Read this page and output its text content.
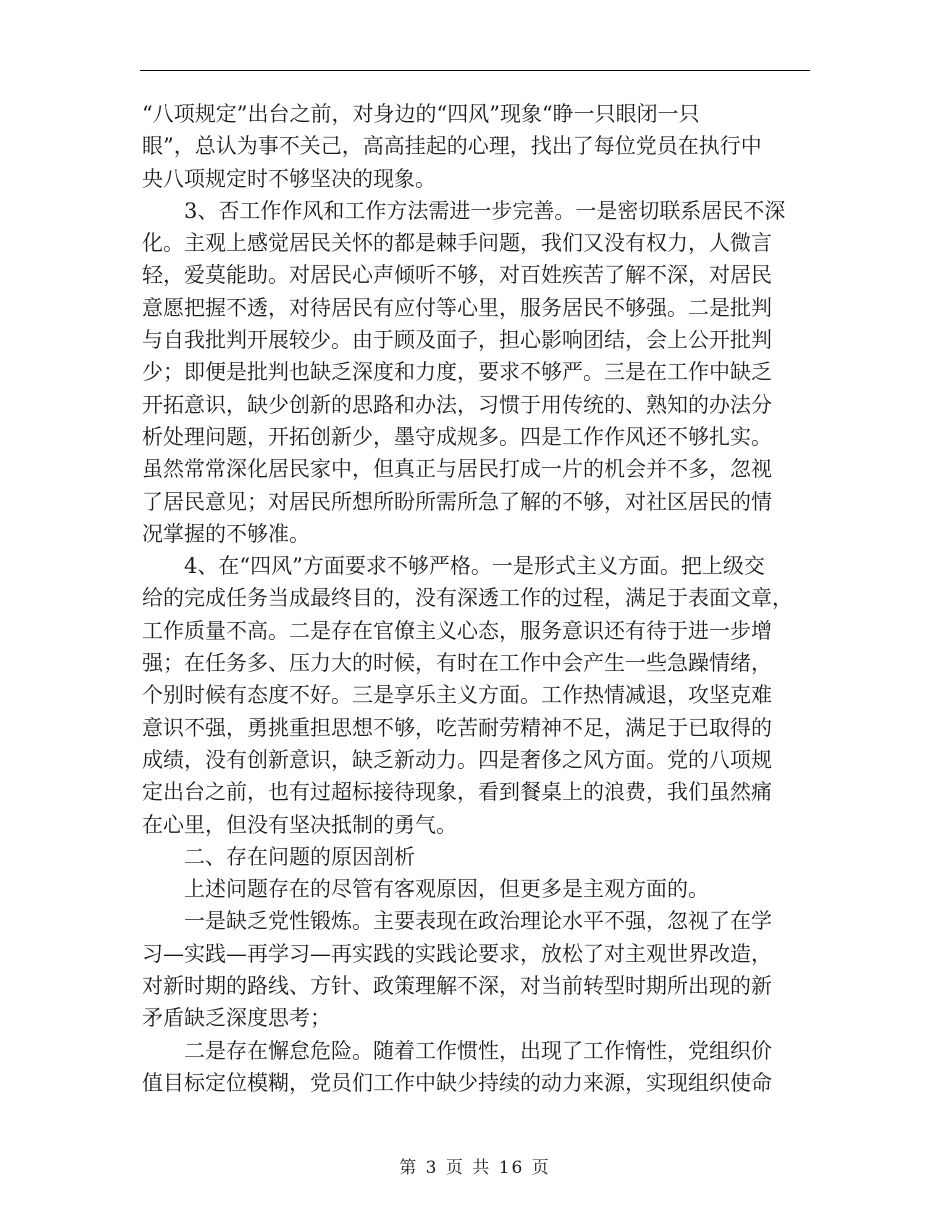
“八项规定”出台之前，对身边的“四风”现象“睁一只眼闭一只
眼”，总认为事不关己，高高挂起的心理，找出了每位党员在执行中
央八项规定时不够坚决的现象。
3、否工作作风和工作方法需进一步完善。一是密切联系居民不深
化。主观上感觉居民关怀的都是棘手问题，我们又没有权力，人微言
轻，爱莫能助。对居民心声倾听不够，对百姓疾苦了解不深，对居民
意愿把握不透，对待居民有应付等心里，服务居民不够强。二是批判
与自我批判开展较少。由于顾及面子，担心影响团结，会上公开批判
少；即便是批判也缺乏深度和力度，要求不够严。三是在工作中缺乏
开拓意识，缺少创新的思路和办法，习惯于用传统的、熟知的办法分
析处理问题，开拓创新少，墨守成规多。四是工作作风还不够扎实。
虽然常常深化居民家中，但真正与居民打成一片的机会并不多，忽视
了居民意见；对居民所想所盼所需所急了解的不够，对社区居民的情
况掌握的不够准。
4、在“四风”方面要求不够严格。一是形式主义方面。把上级交
给的完成任务当成最终目的，没有深透工作的过程，满足于表面文章，
工作质量不高。二是存在官僚主义心态，服务意识还有待于进一步增
强；在任务多、压力大的时候，有时在工作中会产生一些急躁情绪，
个别时候有态度不好。三是享乐主义方面。工作热情减退，攻坚克难
意识不强，勇挑重担思想不够，吃苦耐劳精神不足，满足于已取得的
成绩，没有创新意识，缺乏新动力。四是奢侈之风方面。党的八项规
定出台之前，也有过超标接待现象，看到餐桌上的浪费，我们虽然痛
在心里，但没有坚决抵制的勇气。
二、存在问题的原因剖析
上述问题存在的尽管有客观原因，但更多是主观方面的。
一是缺乏党性锻炼。主要表现在政治理论水平不强，忽视了在学
习—实践—再学习—再实践的实践论要求，放松了对主观世界改造，
对新时期的路线、方针、政策理解不深，对当前转型时期所出现的新
矛盾缺乏深度思考；
二是存在懈怠危险。随着工作惯性，出现了工作惰性，党组织价
值目标定位模糊，党员们工作中缺少持续的动力来源，实现组织使命
第 3 页 共 16 页
